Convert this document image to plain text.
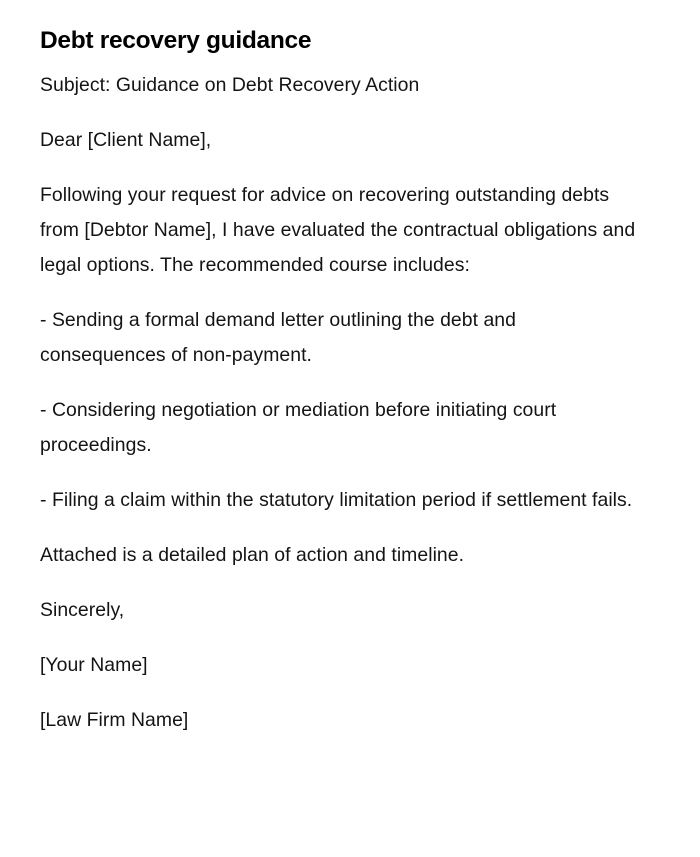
Debt recovery guidance

Subject: Guidance on Debt Recovery Action

Dear [Client Name],

Following your request for advice on recovering outstanding debts from [Debtor Name], I have evaluated the contractual obligations and legal options. The recommended course includes:

- Sending a formal demand letter outlining the debt and consequences of non-payment.

- Considering negotiation or mediation before initiating court proceedings.

- Filing a claim within the statutory limitation period if settlement fails.

Attached is a detailed plan of action and timeline.

Sincerely,

[Your Name]

[Law Firm Name]
